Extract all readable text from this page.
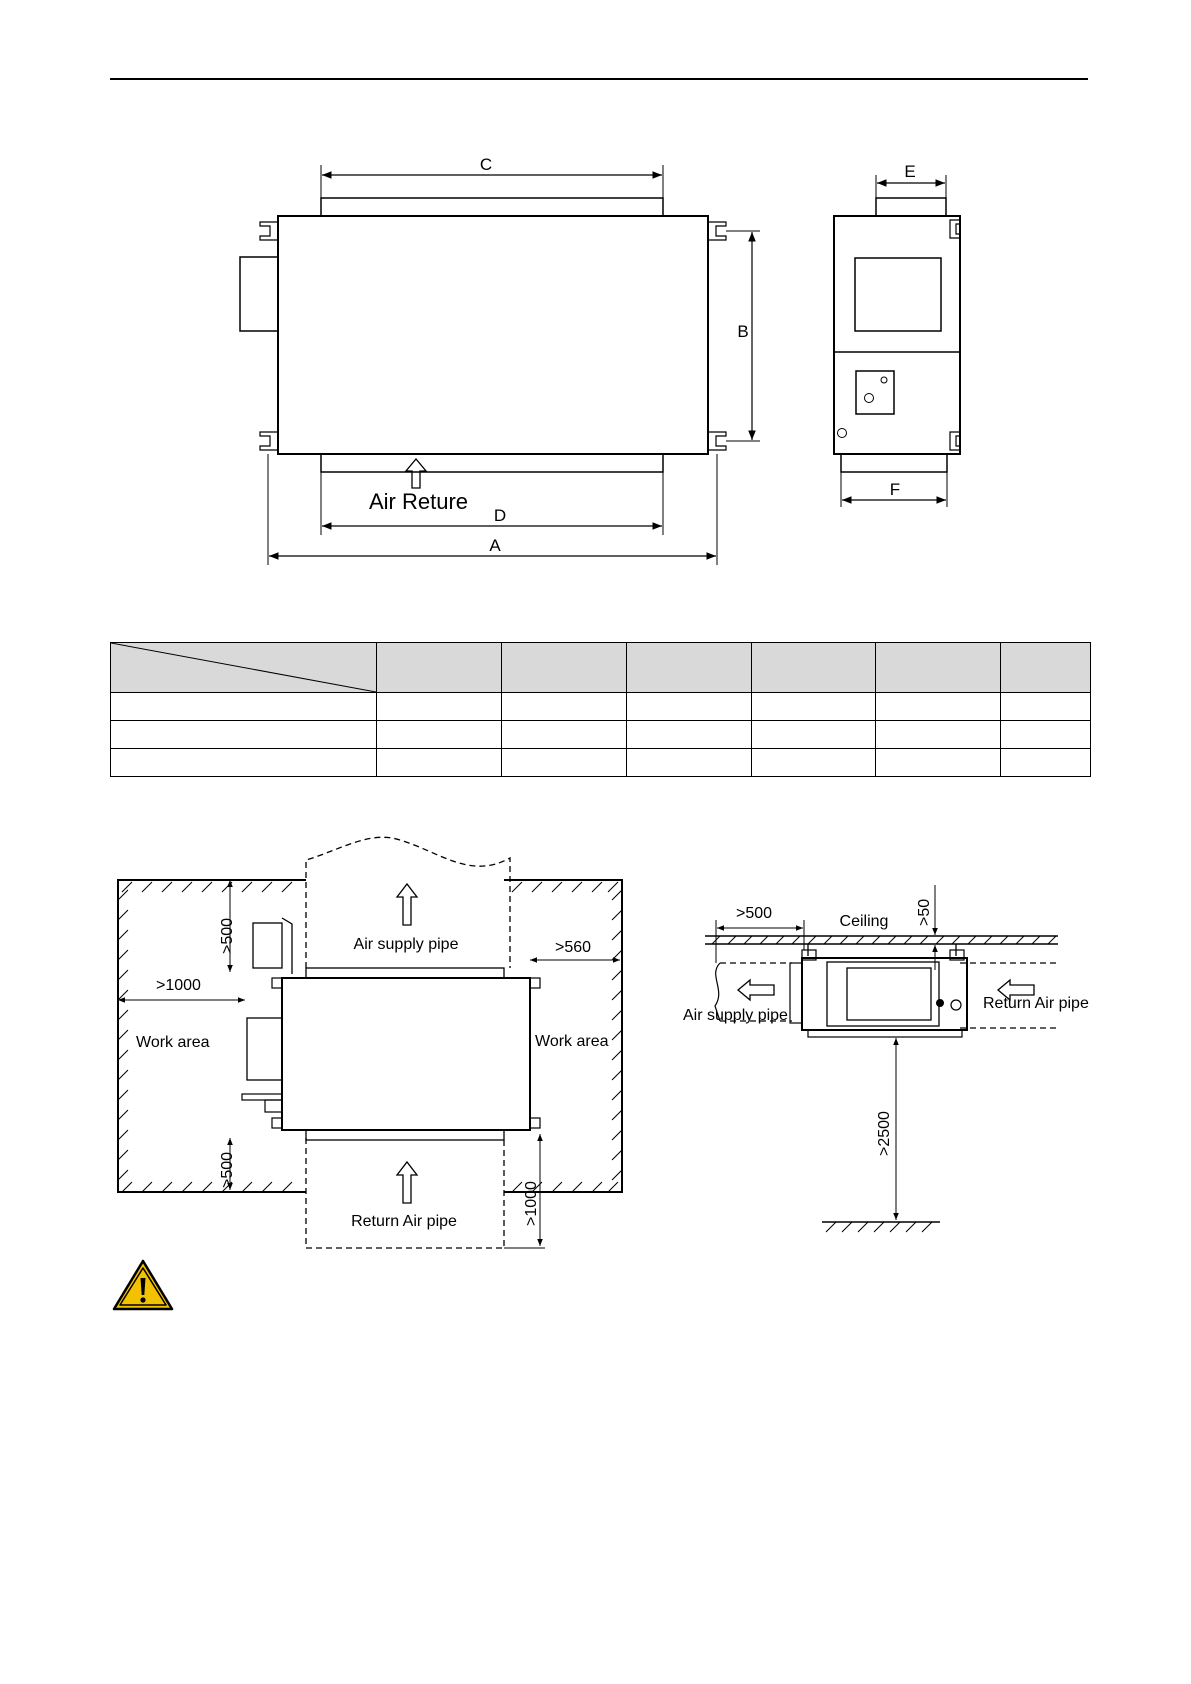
C
B
Air Reture
D
A
E
F

Air supply pipe
Return Air pipe
Work area	Work area
>1000
>560
>500
>500
>1000
Ceiling
>500	>50
Air supply pipe
Return Air pipe
>2500
